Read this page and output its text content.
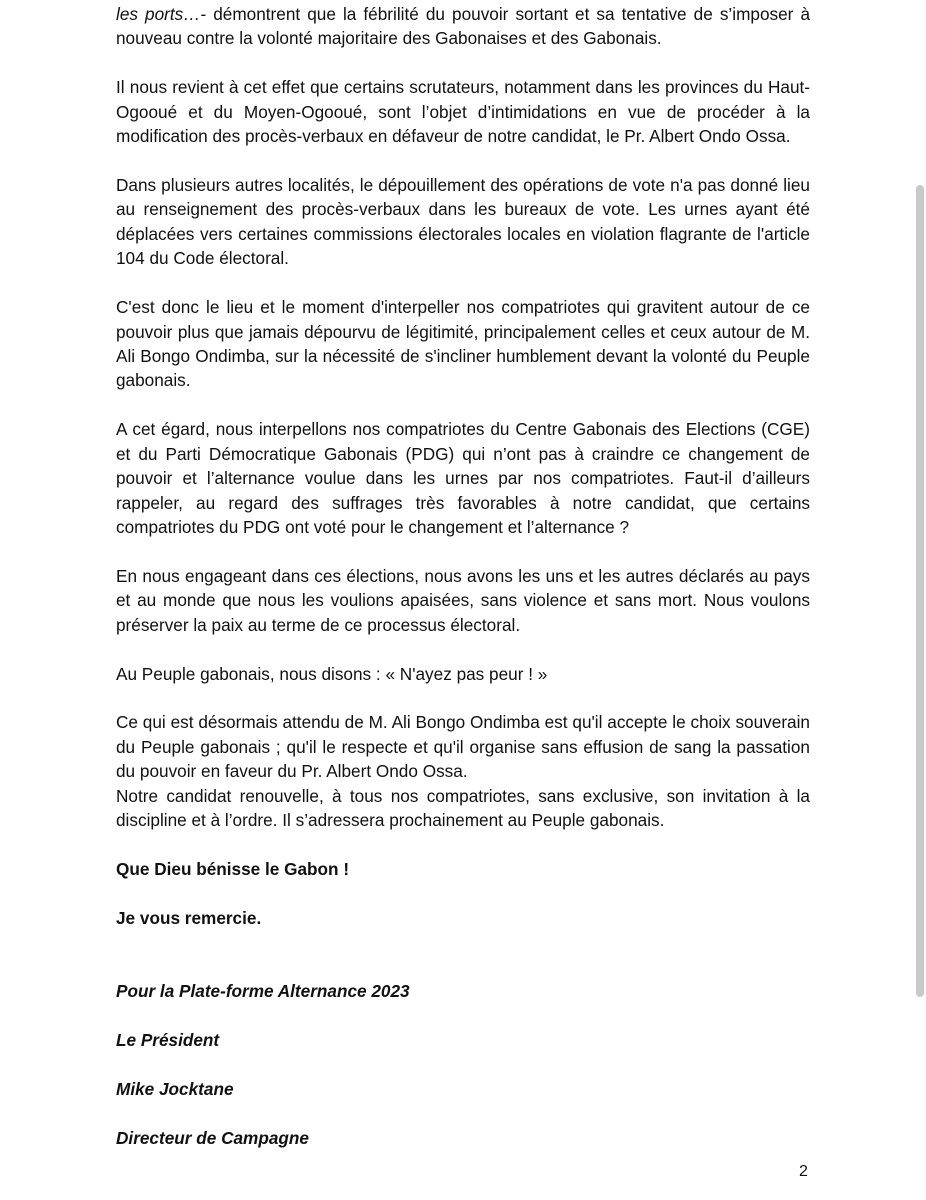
les ports…- démontrent que la fébrilité du pouvoir sortant et sa tentative de s’imposer à nouveau contre la volonté majoritaire des Gabonaises et des Gabonais.

Il nous revient à cet effet que certains scrutateurs, notamment dans les provinces du Haut-Ogooué et du Moyen-Ogooué, sont l’objet d’intimidations en vue de procéder à la modification des procès-verbaux en défaveur de notre candidat, le Pr. Albert Ondo Ossa.

Dans plusieurs autres localités, le dépouillement des opérations de vote n'a pas donné lieu au renseignement des procès-verbaux dans les bureaux de vote. Les urnes ayant été déplacées vers certaines commissions électorales locales en violation flagrante de l'article 104 du Code électoral.

C'est donc le lieu et le moment d'interpeller nos compatriotes qui gravitent autour de ce pouvoir plus que jamais dépourvu de légitimité, principalement celles et ceux autour de M. Ali Bongo Ondimba, sur la nécessité de s'incliner humblement devant la volonté du Peuple gabonais.

A cet égard, nous interpellons nos compatriotes du Centre Gabonais des Elections (CGE) et du Parti Démocratique Gabonais (PDG) qui n’ont pas à craindre ce changement de pouvoir et l’alternance voulue dans les urnes par nos compatriotes. Faut-il d’ailleurs rappeler, au regard des suffrages très favorables à notre candidat, que certains compatriotes du PDG ont voté pour le changement et l’alternance ?

En nous engageant dans ces élections, nous avons les uns et les autres déclarés au pays et au monde que nous les voulions apaisées, sans violence et sans mort. Nous voulons préserver la paix au terme de ce processus électoral.

Au Peuple gabonais, nous disons : « N'ayez pas peur ! »

Ce qui est désormais attendu de M. Ali Bongo Ondimba est qu'il accepte le choix souverain du Peuple gabonais ; qu'il le respecte et qu'il organise sans effusion de sang la passation du pouvoir en faveur du Pr. Albert Ondo Ossa.

Notre candidat renouvelle, à tous nos compatriotes, sans exclusive, son invitation à la discipline et à l’ordre. Il s’adressera prochainement au Peuple gabonais.

Que Dieu bénisse le Gabon !

Je vous remercie.

Pour la Plate-forme Alternance 2023

Le Président

Mike Jocktane

Directeur de Campagne

2
